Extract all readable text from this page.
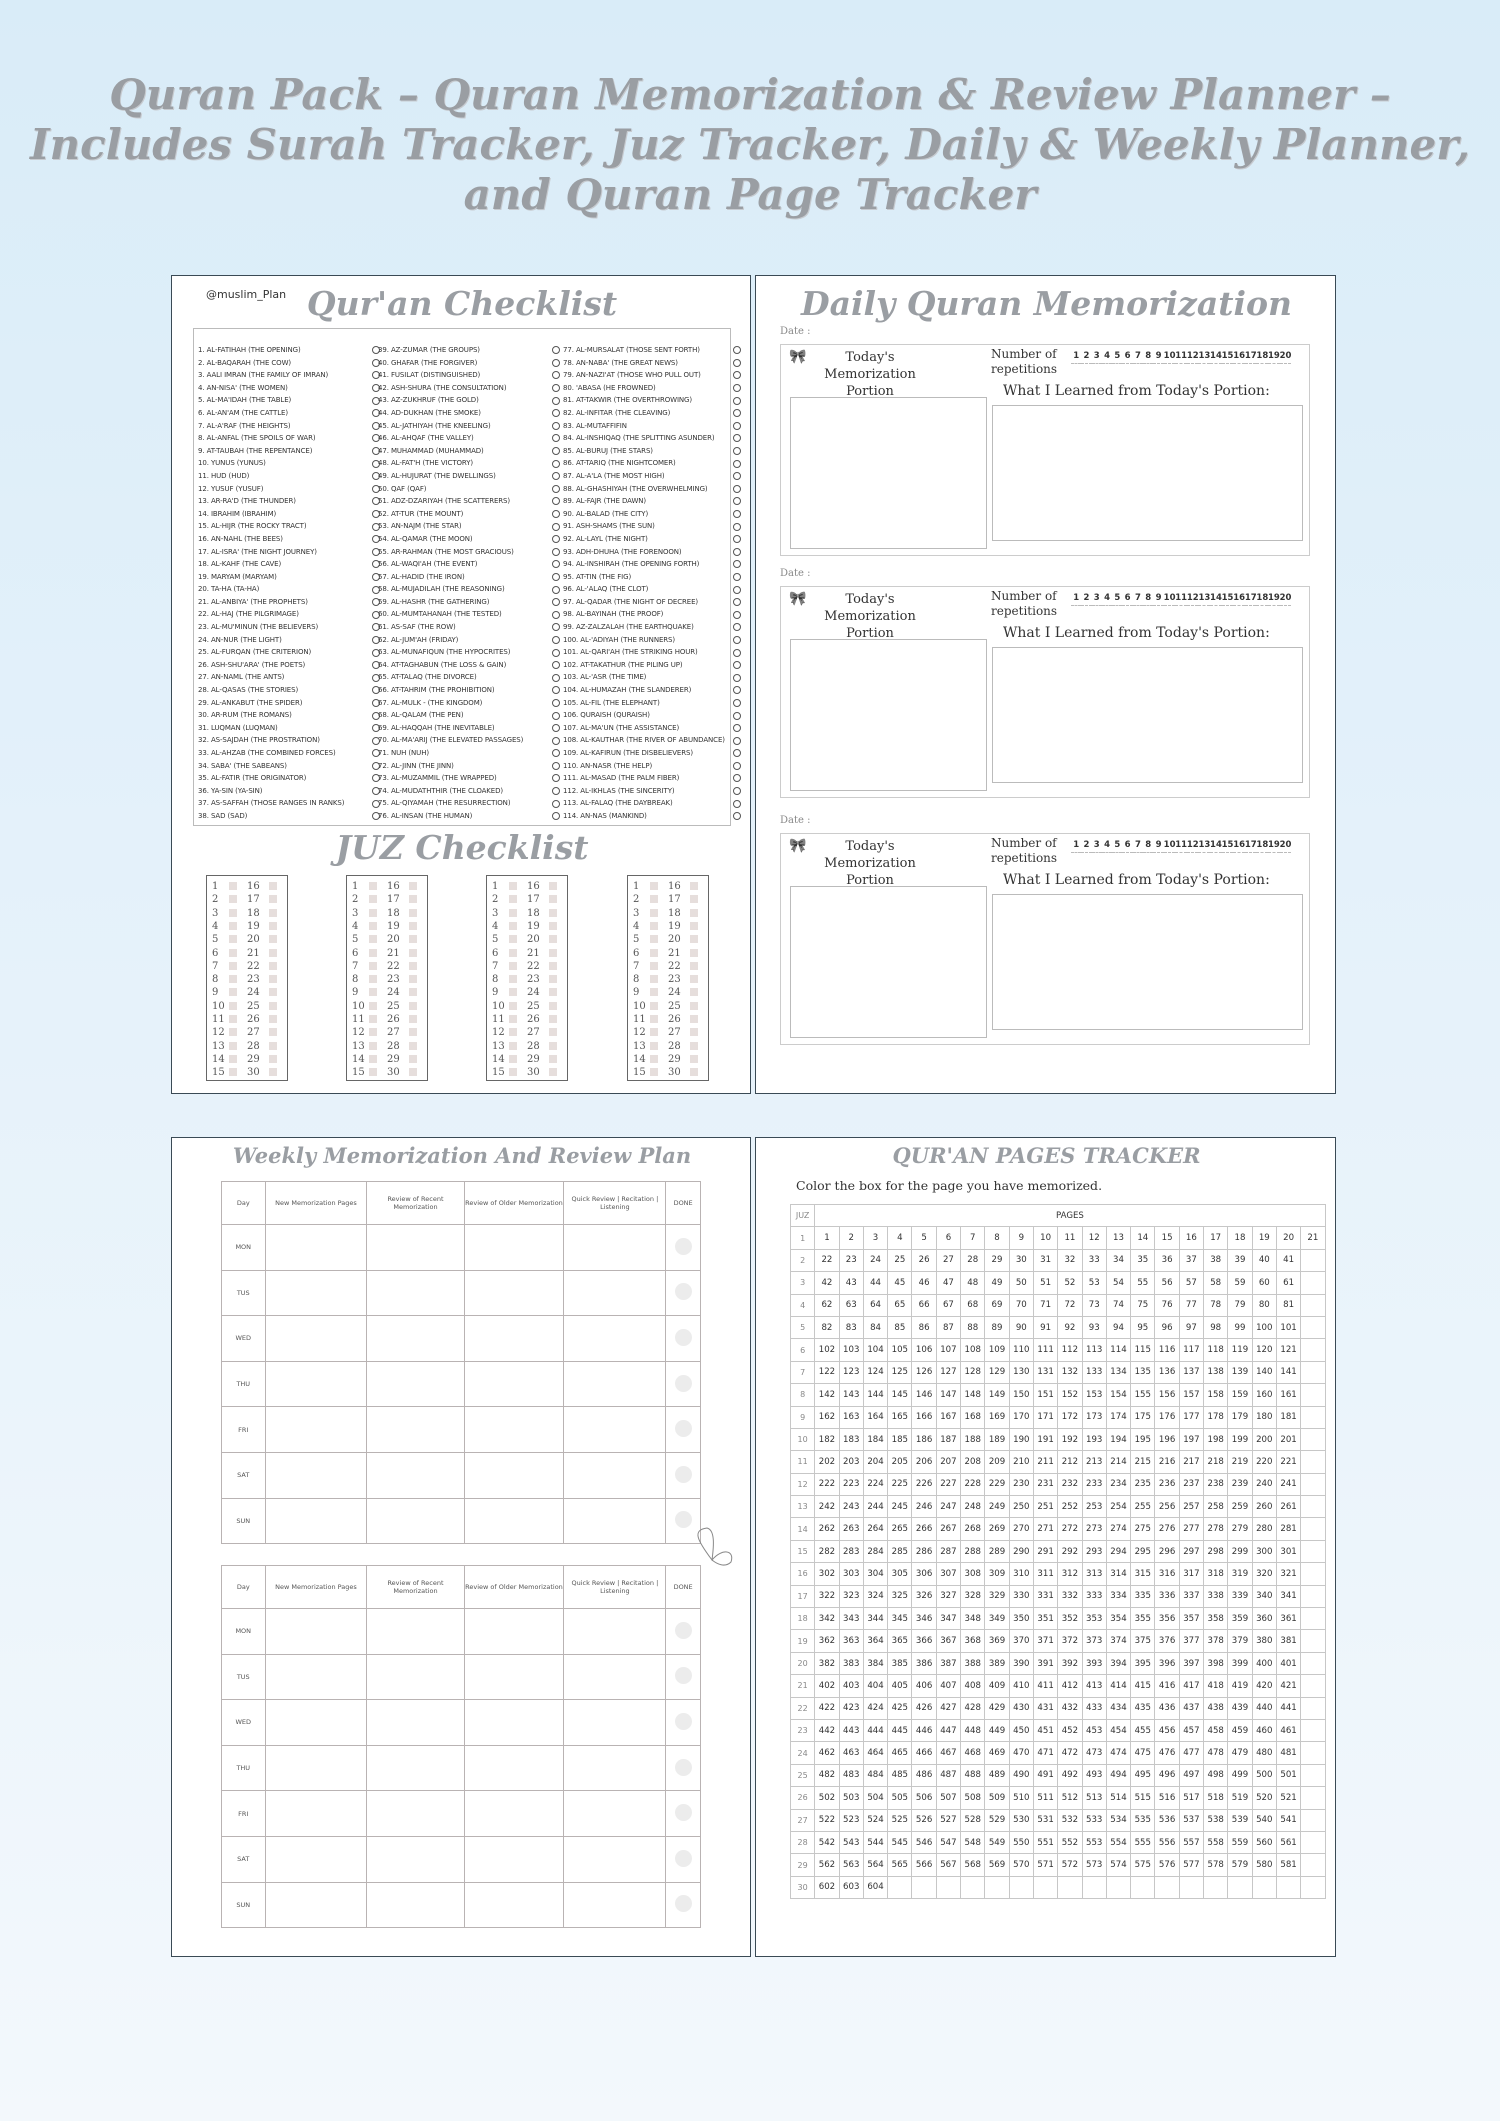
Quran Pack – Quran Memorization & Review Planner – Includes Surah Tracker, Juz Tracker, Daily & Weekly Planner, and Quran Page Tracker
@muslim_Plan Qur'an Checklist
1. AL-FATIHAH (THE OPENING)
2. AL-BAQARAH (THE COW)
3. AALI IMRAN (THE FAMILY OF IMRAN)
4. AN-NISA' (THE WOMEN)
5. AL-MA'IDAH (THE TABLE)
6. AL-AN'AM (THE CATTLE)
7. AL-A'RAF (THE HEIGHTS)
8. AL-ANFAL (THE SPOILS OF WAR)
9. AT-TAUBAH (THE REPENTANCE)
10. YUNUS (YUNUS)
11. HUD (HUD)
12. YUSUF (YUSUF)
13. AR-RA'D (THE THUNDER)
14. IBRAHIM (IBRAHIM)
15. AL-HIJR (THE ROCKY TRACT)
16. AN-NAHL (THE BEES)
17. AL-ISRA' (THE NIGHT JOURNEY)
18. AL-KAHF (THE CAVE)
19. MARYAM (MARYAM)
20. TA-HA (TA-HA)
21. AL-ANBIYA' (THE PROPHETS)
22. AL-HAJ (THE PILGRIMAGE)
23. AL-MU'MINUN (THE BELIEVERS)
24. AN-NUR (THE LIGHT)
25. AL-FURQAN (THE CRITERION)
26. ASH-SHU'ARA' (THE POETS)
27. AN-NAML (THE ANTS)
28. AL-QASAS (THE STORIES)
29. AL-ANKABUT (THE SPIDER)
30. AR-RUM (THE ROMANS)
31. LUQMAN (LUQMAN)
32. AS-SAJDAH (THE PROSTRATION)
33. AL-AHZAB (THE COMBINED FORCES)
34. SABA' (THE SABEANS)
35. AL-FATIR (THE ORIGINATOR)
36. YA-SIN (YA-SIN)
37. AS-SAFFAH (THOSE RANGES IN RANKS)
38. SAD (SAD)
39. AZ-ZUMAR (THE GROUPS)
40. GHAFAR (THE FORGIVER)
41. FUSILAT (DISTINGUISHED)
42. ASH-SHURA (THE CONSULTATION)
43. AZ-ZUKHRUF (THE GOLD)
44. AD-DUKHAN (THE SMOKE)
45. AL-JATHIYAH (THE KNEELING)
46. AL-AHQAF (THE VALLEY)
47. MUHAMMAD (MUHAMMAD)
48. AL-FAT'H (THE VICTORY)
49. AL-HUJURAT (THE DWELLINGS)
50. QAF (QAF)
51. ADZ-DZARIYAH (THE SCATTERERS)
52. AT-TUR (THE MOUNT)
53. AN-NAJM (THE STAR)
54. AL-QAMAR (THE MOON)
55. AR-RAHMAN (THE MOST GRACIOUS)
56. AL-WAQI'AH (THE EVENT)
57. AL-HADID (THE IRON)
58. AL-MUJADILAH (THE REASONING)
59. AL-HASHR (THE GATHERING)
60. AL-MUMTAHANAH (THE TESTED)
61. AS-SAF (THE ROW)
62. AL-JUM'AH (FRIDAY)
63. AL-MUNAFIQUN (THE HYPOCRITES)
64. AT-TAGHABUN (THE LOSS & GAIN)
65. AT-TALAQ (THE DIVORCE)
66. AT-TAHRIM (THE PROHIBITION)
67. AL-MULK - (THE KINGDOM)
68. AL-QALAM (THE PEN)
69. AL-HAQQAH (THE INEVITABLE)
70. AL-MA'ARIJ (THE ELEVATED PASSAGES)
71. NUH (NUH)
72. AL-JINN (THE JINN)
73. AL-MUZAMMIL (THE WRAPPED)
74. AL-MUDATHTHIR (THE CLOAKED)
75. AL-QIYAMAH (THE RESURRECTION)
76. AL-INSAN (THE HUMAN)
77. AL-MURSALAT (THOSE SENT FORTH)
78. AN-NABA' (THE GREAT NEWS)
79. AN-NAZI'AT (THOSE WHO PULL OUT)
80. 'ABASA (HE FROWNED)
81. AT-TAKWIR (THE OVERTHROWING)
82. AL-INFITAR (THE CLEAVING)
83. AL-MUTAFFIFIN
84. AL-INSHIQAQ (THE SPLITTING ASUNDER)
85. AL-BURUJ (THE STARS)
86. AT-TARIQ (THE NIGHTCOMER)
87. AL-A'LA (THE MOST HIGH)
88. AL-GHASHIYAH (THE OVERWHELMING)
89. AL-FAJR (THE DAWN)
90. AL-BALAD (THE CITY)
91. ASH-SHAMS (THE SUN)
92. AL-LAYL (THE NIGHT)
93. ADH-DHUHA (THE FORENOON)
94. AL-INSHIRAH (THE OPENING FORTH)
95. AT-TIN (THE FIG)
96. AL-'ALAQ (THE CLOT)
97. AL-QADAR (THE NIGHT OF DECREE)
98. AL-BAYINAH (THE PROOF)
99. AZ-ZALZALAH (THE EARTHQUAKE)
100. AL-'ADIYAH (THE RUNNERS)
101. AL-QARI'AH (THE STRIKING HOUR)
102. AT-TAKATHUR (THE PILING UP)
103. AL-'ASR (THE TIME)
104. AL-HUMAZAH (THE SLANDERER)
105. AL-FIL (THE ELEPHANT)
106. QURAISH (QURAISH)
107. AL-MA'UN (THE ASSISTANCE)
108. AL-KAUTHAR (THE RIVER OF ABUNDANCE)
109. AL-KAFIRUN (THE DISBELIEVERS)
110. AN-NASR (THE HELP)
111. AL-MASAD (THE PALM FIBER)
112. AL-IKHLAS (THE SINCERITY)
113. AL-FALAQ (THE DAYBREAK)
114. AN-NAS (MANKIND)
JUZ Checklist
1	16
2	17
3	18
4	19
5	20
6	21
7	22
8	23
9	24
10 25
11 26
12 27
13 28
14 29
15 30
1	16
2	17
3	18
4	19
5	20
6	21
7	22
8	23
9	24
10 25
11 26
12 27
13 28
14 29
15 30
1	16
2	17
3	18
4	19
5	20
6	21
7	22
8	23
9	24
10 25
11 26
12 27
13 28
14 29
15 30
1	16
2	17
3	18
4	19
5	20
6	21
7	22
8	23
9	24
10 25
11 26
12 27
13 28
14 29
15 30
Daily Quran Memorization
Date :
🎀	Today's Memorization Portion
Number of repetitions
1 2 3 4 5 6 7 8 9 10 11 12 13 14 15 16 17 18 19 20
What I Learned from Today's Portion:
Date :
🎀	Today's Memorization Portion
Number of repetitions
1 2 3 4 5 6 7 8 9 10 11 12 13 14 15 16 17 18 19 20
What I Learned from Today's Portion:
Date :
🎀	Today's Memorization Portion
Number of repetitions
1 2 3 4 5 6 7 8 9 10 11 12 13 14 15 16 17 18 19 20
What I Learned from Today's Portion:
Weekly Memorization And Review Plan
Day	New Memorization Pages	Review of Recent Memorization	Review of Older Memorization	Quick Review | Recitation | Listening	DONE
MON					
TUS					
WED					
THU					
FRI					
SAT					
SUN					
Day	New Memorization Pages	Review of Recent Memorization	Review of Older Memorization	Quick Review | Recitation | Listening	DONE
MON					
TUS					
WED					
THU					
FRI					
SAT					
SUN					
QUR'AN PAGES TRACKER
Color the box for the page you have memorized.
JUZ	PAGES																				
1	1	2	3	4	5	6	7	8	9	10	11	12	13	14	15	16	17	18	19	20	21
2	22	23	24	25	26	27	28	29	30	31	32	33	34	35	36	37	38	39	40	41	
3	42	43	44	45	46	47	48	49	50	51	52	53	54	55	56	57	58	59	60	61	
4	62	63	64	65	66	67	68	69	70	71	72	73	74	75	76	77	78	79	80	81	
5	82	83	84	85	86	87	88	89	90	91	92	93	94	95	96	97	98	99	100	101	
6	102	103	104	105	106	107	108	109	110	111	112	113	114	115	116	117	118	119	120	121	
7	122	123	124	125	126	127	128	129	130	131	132	133	134	135	136	137	138	139	140	141	
8	142	143	144	145	146	147	148	149	150	151	152	153	154	155	156	157	158	159	160	161	
9	162	163	164	165	166	167	168	169	170	171	172	173	174	175	176	177	178	179	180	181	
10	182	183	184	185	186	187	188	189	190	191	192	193	194	195	196	197	198	199	200	201	
11	202	203	204	205	206	207	208	209	210	211	212	213	214	215	216	217	218	219	220	221	
12	222	223	224	225	226	227	228	229	230	231	232	233	234	235	236	237	238	239	240	241	
13	242	243	244	245	246	247	248	249	250	251	252	253	254	255	256	257	258	259	260	261	
14	262	263	264	265	266	267	268	269	270	271	272	273	274	275	276	277	278	279	280	281	
15	282	283	284	285	286	287	288	289	290	291	292	293	294	295	296	297	298	299	300	301	
16	302	303	304	305	306	307	308	309	310	311	312	313	314	315	316	317	318	319	320	321	
17	322	323	324	325	326	327	328	329	330	331	332	333	334	335	336	337	338	339	340	341	
18	342	343	344	345	346	347	348	349	350	351	352	353	354	355	356	357	358	359	360	361	
19	362	363	364	365	366	367	368	369	370	371	372	373	374	375	376	377	378	379	380	381	
20	382	383	384	385	386	387	388	389	390	391	392	393	394	395	396	397	398	399	400	401	
21	402	403	404	405	406	407	408	409	410	411	412	413	414	415	416	417	418	419	420	421	
22	422	423	424	425	426	427	428	429	430	431	432	433	434	435	436	437	438	439	440	441	
23	442	443	444	445	446	447	448	449	450	451	452	453	454	455	456	457	458	459	460	461	
24	462	463	464	465	466	467	468	469	470	471	472	473	474	475	476	477	478	479	480	481	
25	482	483	484	485	486	487	488	489	490	491	492	493	494	495	496	497	498	499	500	501	
26	502	503	504	505	506	507	508	509	510	511	512	513	514	515	516	517	518	519	520	521	
27	522	523	524	525	526	527	528	529	530	531	532	533	534	535	536	537	538	539	540	541	
28	542	543	544	545	546	547	548	549	550	551	552	553	554	555	556	557	558	559	560	561	
29	562	563	564	565	566	567	568	569	570	571	572	573	574	575	576	577	578	579	580	581	
30	602	603	604																		
